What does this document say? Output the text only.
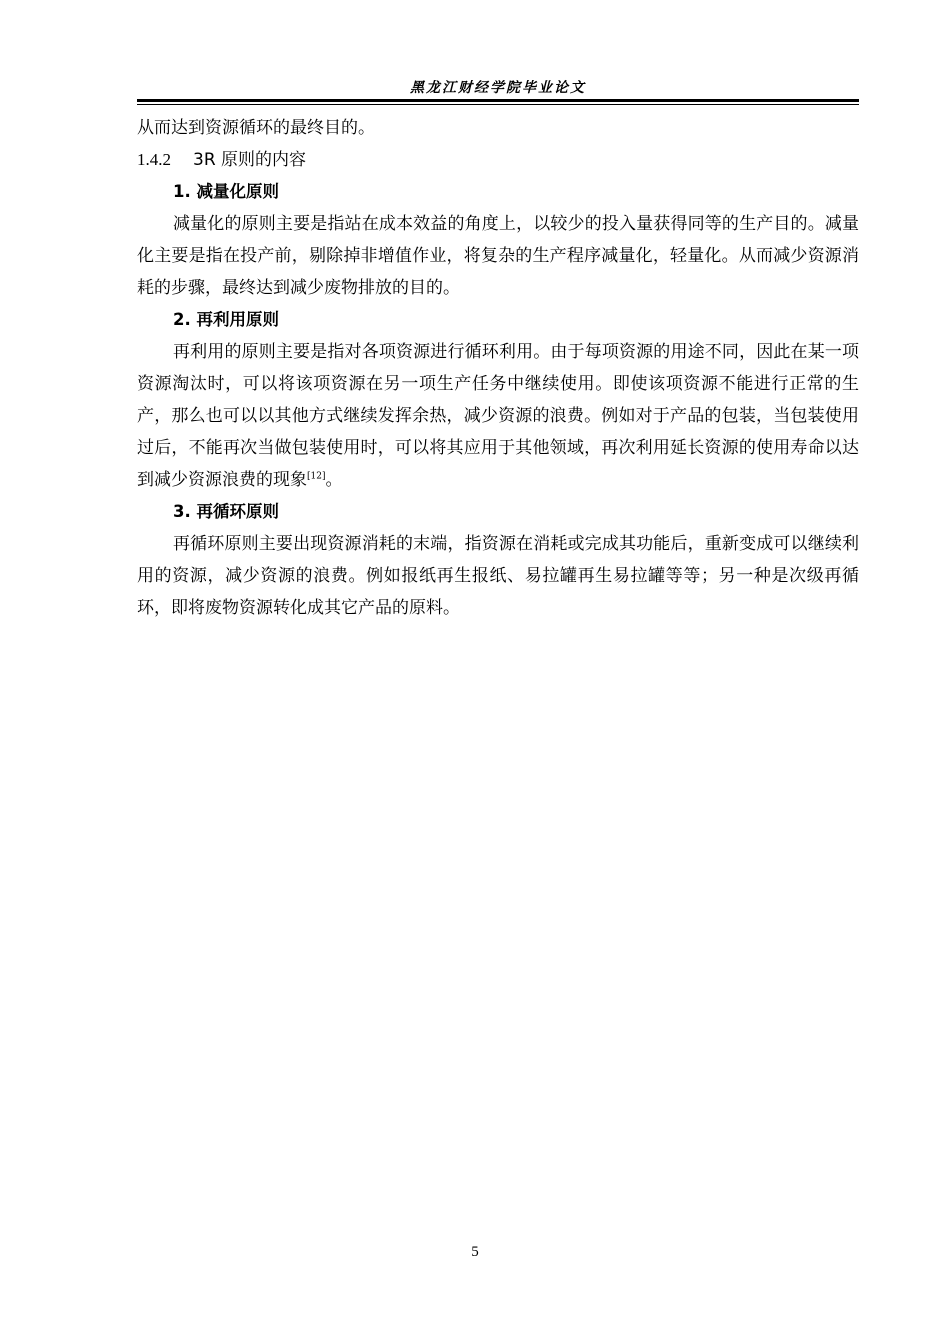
黑龙江财经学院毕业论文

从而达到资源循环的最终目的。

1.4.2 3R 原则的内容

1. 减量化原则

减量化的原则主要是指站在成本效益的角度上，以较少的投入量获得同等的生产目的。减量化主要是指在投产前，剔除掉非增值作业，将复杂的生产程序减量化，轻量化。从而减少资源消耗的步骤，最终达到减少废物排放的目的。

2. 再利用原则

再利用的原则主要是指对各项资源进行循环利用。由于每项资源的用途不同，因此在某一项资源淘汰时，可以将该项资源在另一项生产任务中继续使用。即使该项资源不能进行正常的生产，那么也可以以其他方式继续发挥余热，减少资源的浪费。例如对于产品的包装，当包装使用过后，不能再次当做包装使用时，可以将其应用于其他领域，再次利用延长资源的使用寿命以达到减少资源浪费的现象[12]。

3. 再循环原则

再循环原则主要出现资源消耗的末端，指资源在消耗或完成其功能后，重新变成可以继续利用的资源，减少资源的浪费。例如报纸再生报纸、易拉罐再生易拉罐等等；另一种是次级再循环，即将废物资源转化成其它产品的原料。

5
